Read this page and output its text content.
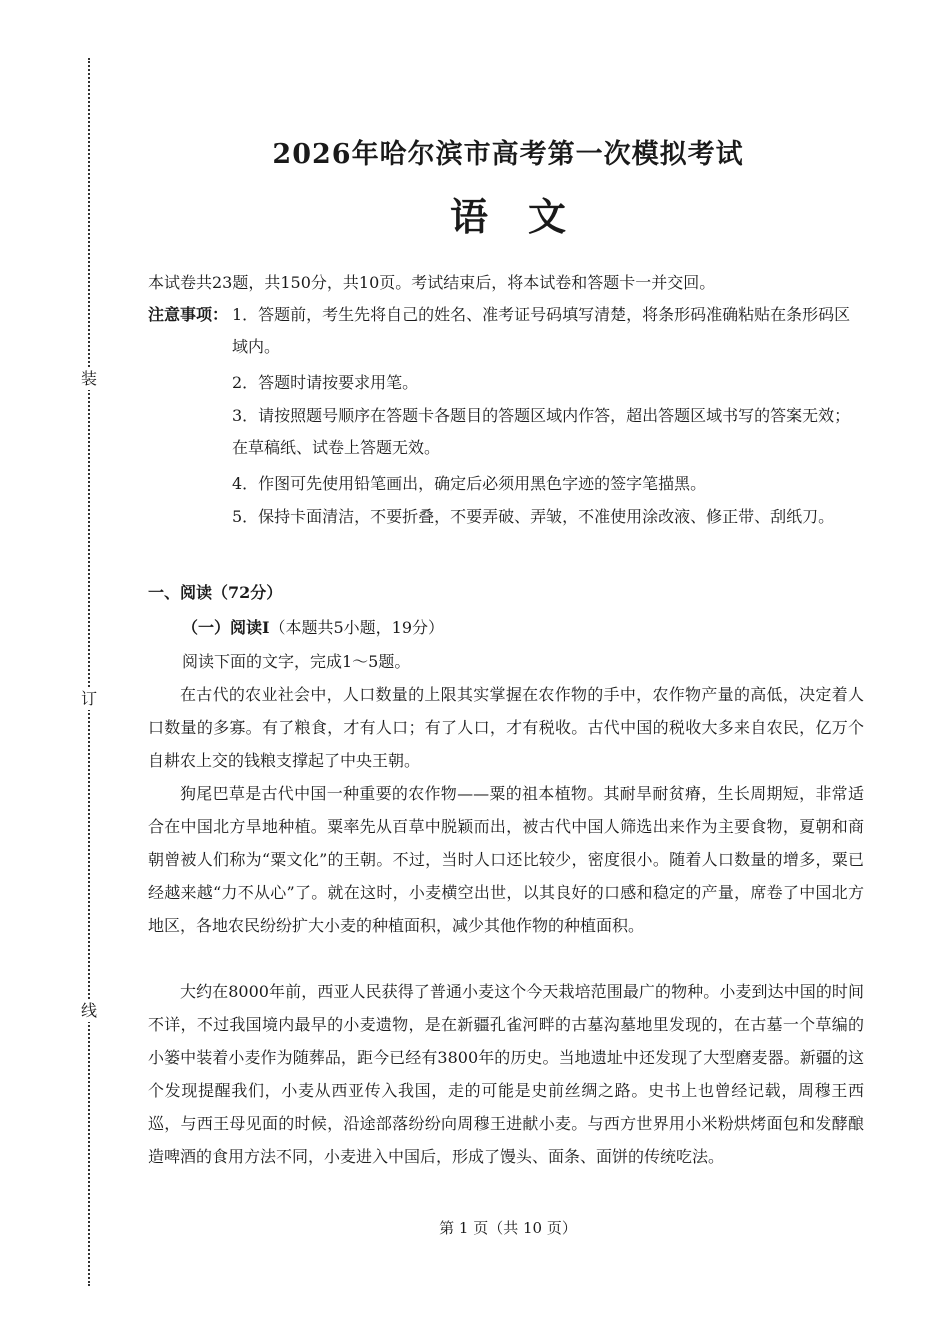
装
订
线
2026年哈尔滨市高考第一次模拟考试
语文
本试卷共23题，共150分，共10页。考试结束后，将本试卷和答题卡一并交回。
注意事项： 1．答题前，考生先将自己的姓名、准考证号码填写清楚，将条形码准确粘贴在条形码区域内。
2．答题时请按要求用笔。
3．请按照题号顺序在答题卡各题目的答题区域内作答，超出答题区域书写的答案无效；在草稿纸、试卷上答题无效。
4．作图可先使用铅笔画出，确定后必须用黑色字迹的签字笔描黑。
5．保持卡面清洁，不要折叠，不要弄破、弄皱，不准使用涂改液、修正带、刮纸刀。
一、阅读（72分）
（一）阅读Ⅰ（本题共5小题，19分）
阅读下面的文字，完成1～5题。
在古代的农业社会中，人口数量的上限其实掌握在农作物的手中，农作物产量的高低，决定着人口数量的多寡。有了粮食，才有人口；有了人口，才有税收。古代中国的税收大多来自农民，亿万个自耕农上交的钱粮支撑起了中央王朝。
狗尾巴草是古代中国一种重要的农作物——粟的祖本植物。其耐旱耐贫瘠，生长周期短，非常适合在中国北方旱地种植。粟率先从百草中脱颖而出，被古代中国人筛选出来作为主要食物，夏朝和商朝曾被人们称为“粟文化”的王朝。不过，当时人口还比较少，密度很小。随着人口数量的增多，粟已经越来越“力不从心”了。就在这时，小麦横空出世，以其良好的口感和稳定的产量，席卷了中国北方地区，各地农民纷纷扩大小麦的种植面积，减少其他作物的种植面积。
大约在8000年前，西亚人民获得了普通小麦这个今天栽培范围最广的物种。小麦到达中国的时间不详，不过我国境内最早的小麦遗物，是在新疆孔雀河畔的古墓沟墓地里发现的，在古墓一个草编的小篓中装着小麦作为随葬品，距今已经有3800年的历史。当地遗址中还发现了大型磨麦器。新疆的这个发现提醒我们，小麦从西亚传入我国，走的可能是史前丝绸之路。史书上也曾经记载，周穆王西巡，与西王母见面的时候，沿途部落纷纷向周穆王进献小麦。与西方世界用小米粉烘烤面包和发酵酿造啤酒的食用方法不同，小麦进入中国后，形成了馒头、面条、面饼的传统吃法。
第 1 页（共 10 页）
